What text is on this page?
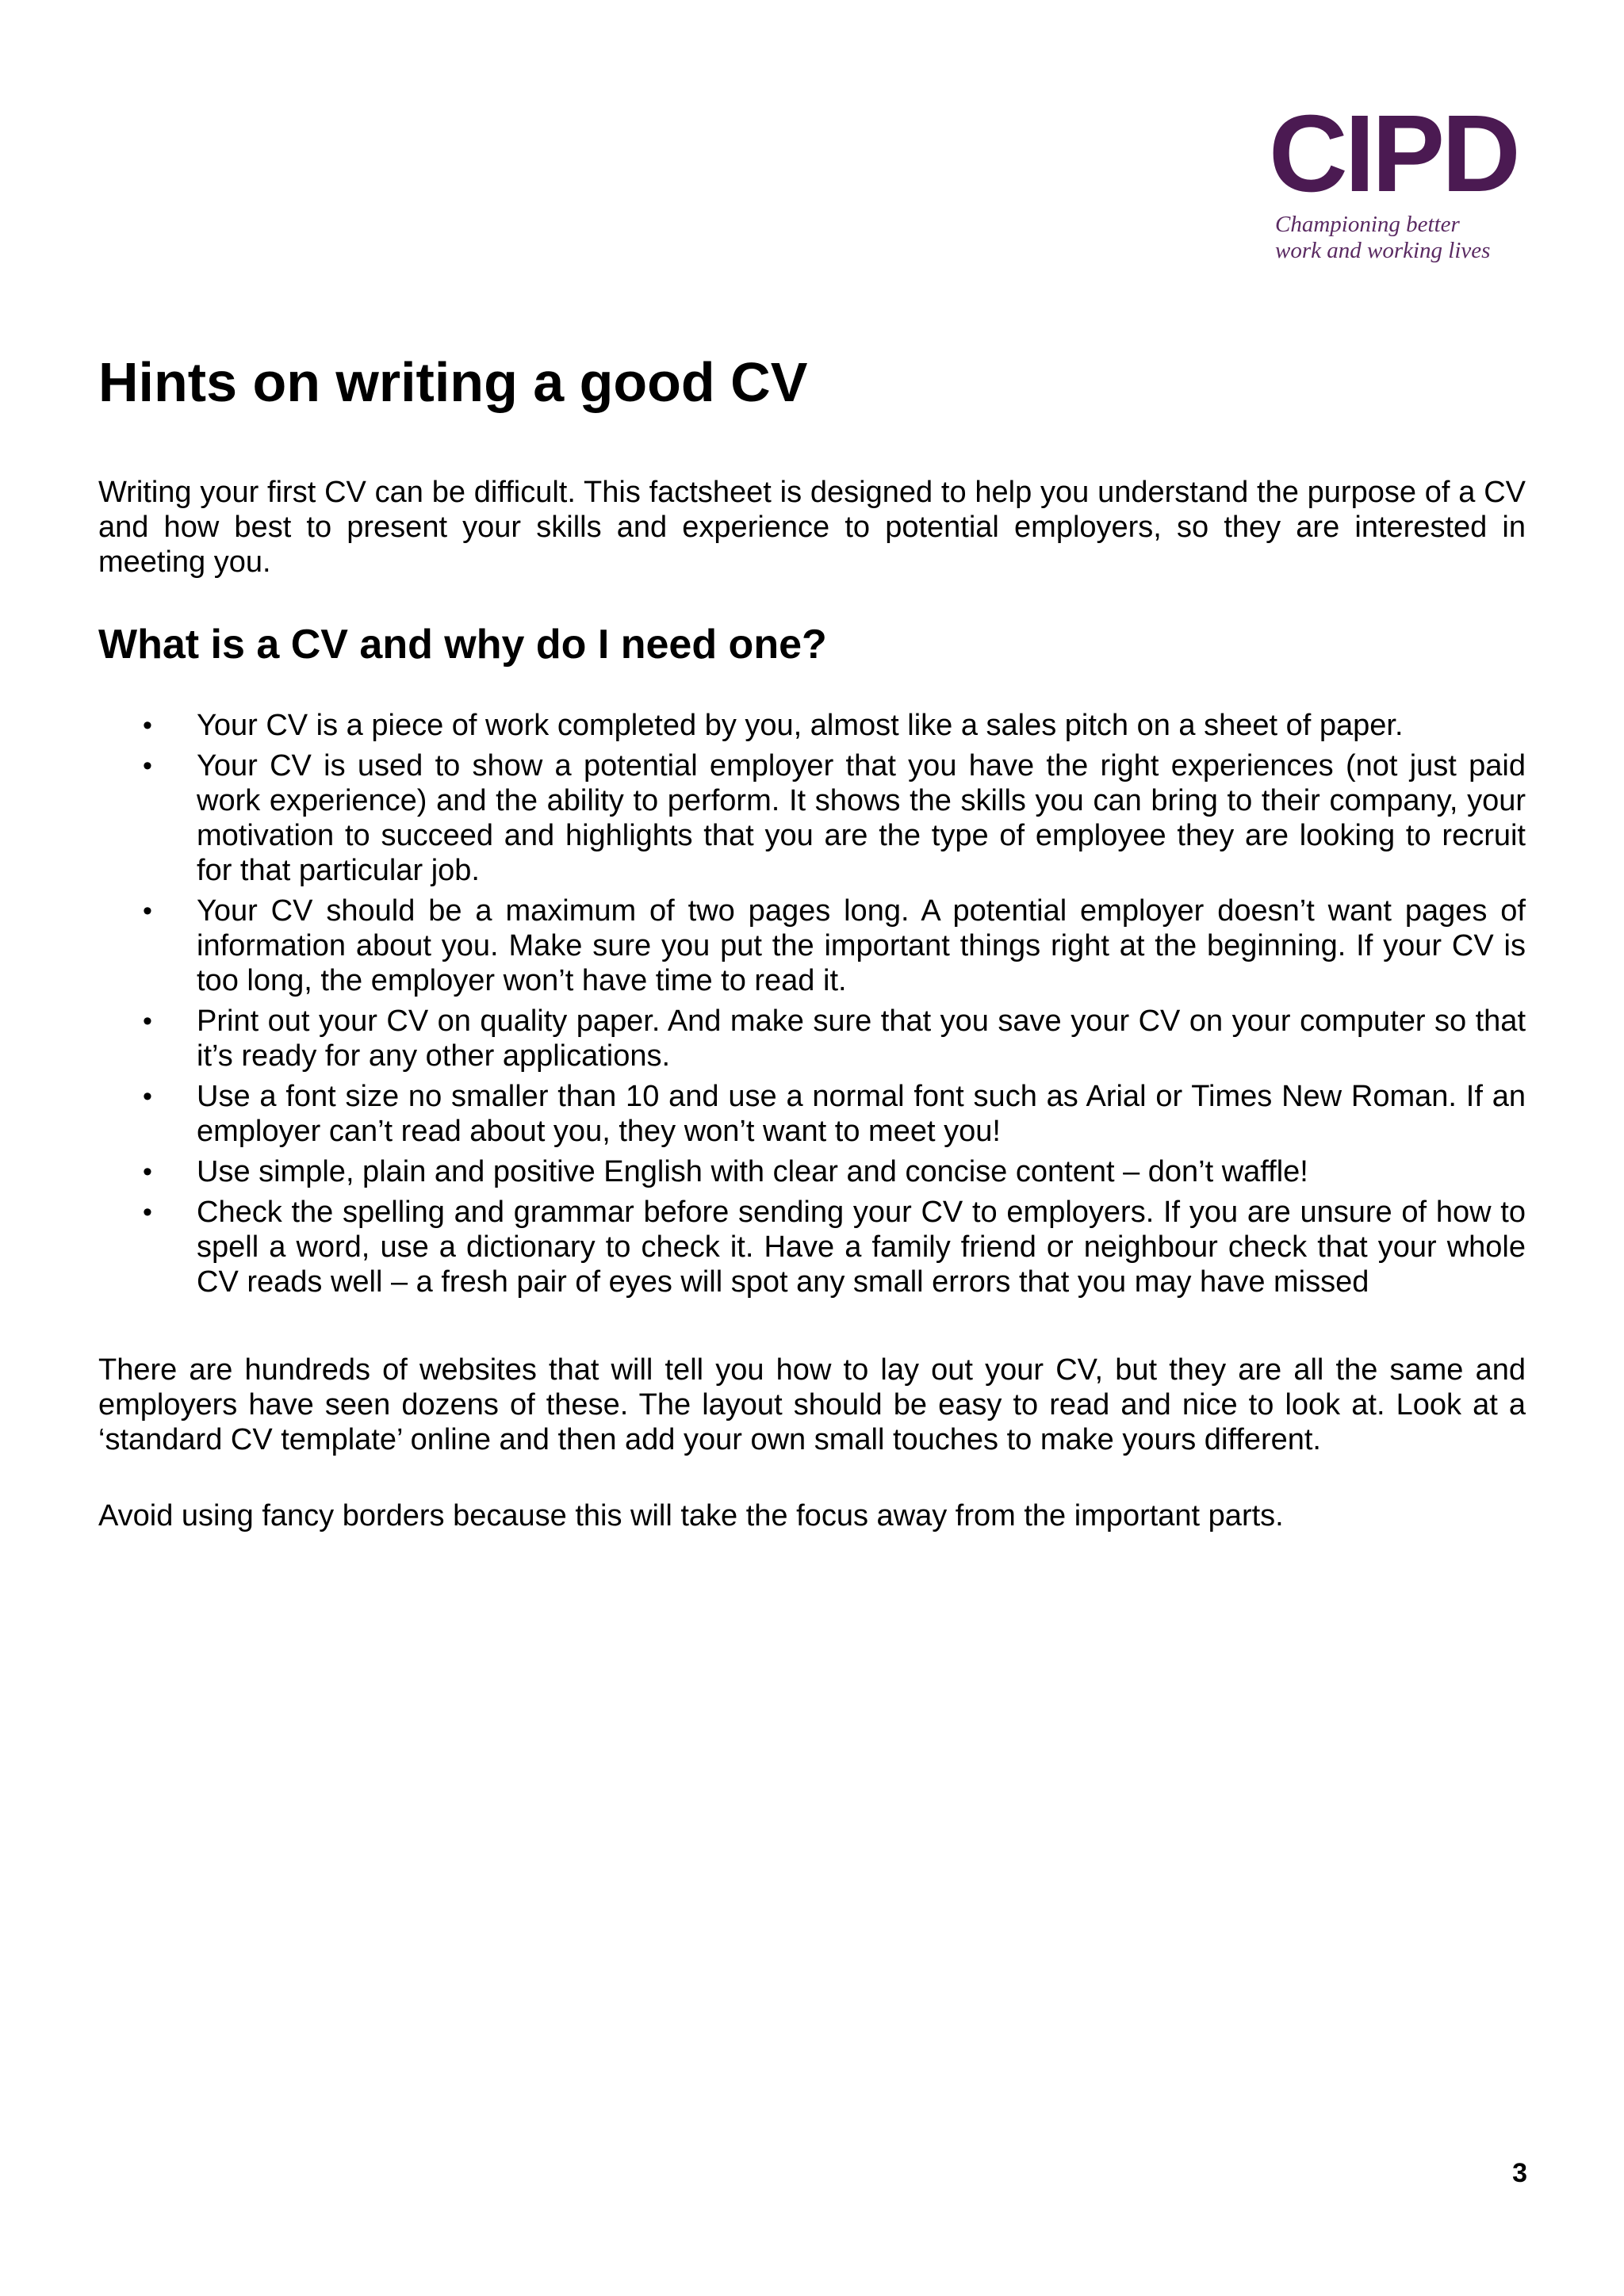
CIPD
Championing better
work and working lives
Hints on writing a good CV

Writing your first CV can be difficult. This factsheet is designed to help you understand the purpose of a CV and how best to present your skills and experience to potential employers, so they are interested in meeting you.

What is a CV and why do I need one?
• Your CV is a piece of work completed by you, almost like a sales pitch on a sheet of paper.
• Your CV is used to show a potential employer that you have the right experiences (not just paid work experience) and the ability to perform. It shows the skills you can bring to their company, your motivation to succeed and highlights that you are the type of employee they are looking to recruit for that particular job.
• Your CV should be a maximum of two pages long. A potential employer doesn’t want pages of information about you. Make sure you put the important things right at the beginning. If your CV is too long, the employer won’t have time to read it.
• Print out your CV on quality paper. And make sure that you save your CV on your computer so that it’s ready for any other applications.
• Use a font size no smaller than 10 and use a normal font such as Arial or Times New Roman. If an employer can’t read about you, they won’t want to meet you!
• Use simple, plain and positive English with clear and concise content – don’t waffle!
• Check the spelling and grammar before sending your CV to employers. If you are unsure of how to spell a word, use a dictionary to check it. Have a family friend or neighbour check that your whole CV reads well – a fresh pair of eyes will spot any small errors that you may have missed

There are hundreds of websites that will tell you how to lay out your CV, but they are all the same and employers have seen dozens of these. The layout should be easy to read and nice to look at. Look at a ‘standard CV template’ online and then add your own small touches to make yours different.

Avoid using fancy borders because this will take the focus away from the important parts.

3
